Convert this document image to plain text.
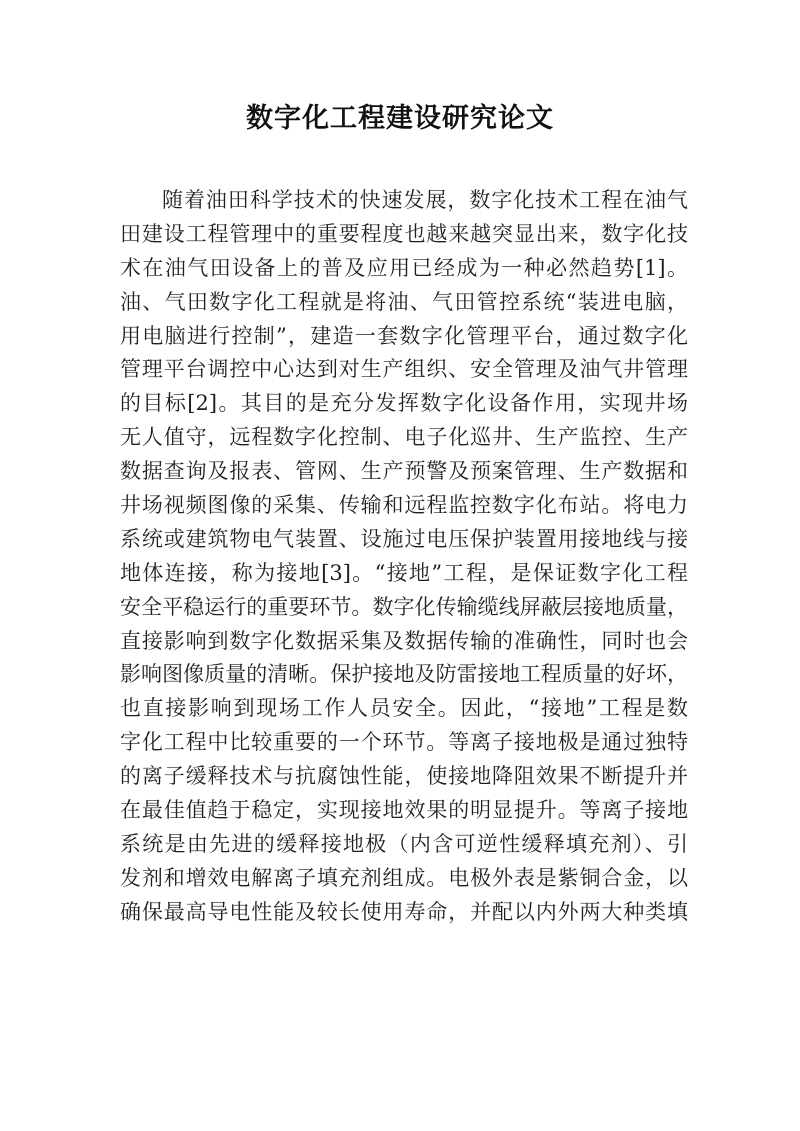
数字化工程建设研究论文
随着油田科学技术的快速发展，数字化技术工程在油气
田建设工程管理中的重要程度也越来越突显出来，数字化技
术在油气田设备上的普及应用已经成为一种必然趋势[1]。
油、气田数字化工程就是将油、气田管控系统“装进电脑，
用电脑进行控制”，建造一套数字化管理平台，通过数字化
管理平台调控中心达到对生产组织、安全管理及油气井管理
的目标[2]。其目的是充分发挥数字化设备作用，实现井场
无人值守，远程数字化控制、电子化巡井、生产监控、生产
数据查询及报表、管网、生产预警及预案管理、生产数据和
井场视频图像的采集、传输和远程监控数字化布站。将电力
系统或建筑物电气装置、设施过电压保护装置用接地线与接
地体连接，称为接地[3]。“接地”工程，是保证数字化工程
安全平稳运行的重要环节。数字化传输缆线屏蔽层接地质量，
直接影响到数字化数据采集及数据传输的准确性，同时也会
影响图像质量的清晰。保护接地及防雷接地工程质量的好坏，
也直接影响到现场工作人员安全。因此，“接地”工程是数
字化工程中比较重要的一个环节。等离子接地极是通过独特
的离子缓释技术与抗腐蚀性能，使接地降阻效果不断提升并
在最佳值趋于稳定，实现接地效果的明显提升。等离子接地
系统是由先进的缓释接地极（内含可逆性缓释填充剂）、引
发剂和增效电解离子填充剂组成。电极外表是紫铜合金，以
确保最高导电性能及较长使用寿命，并配以内外两大种类填
